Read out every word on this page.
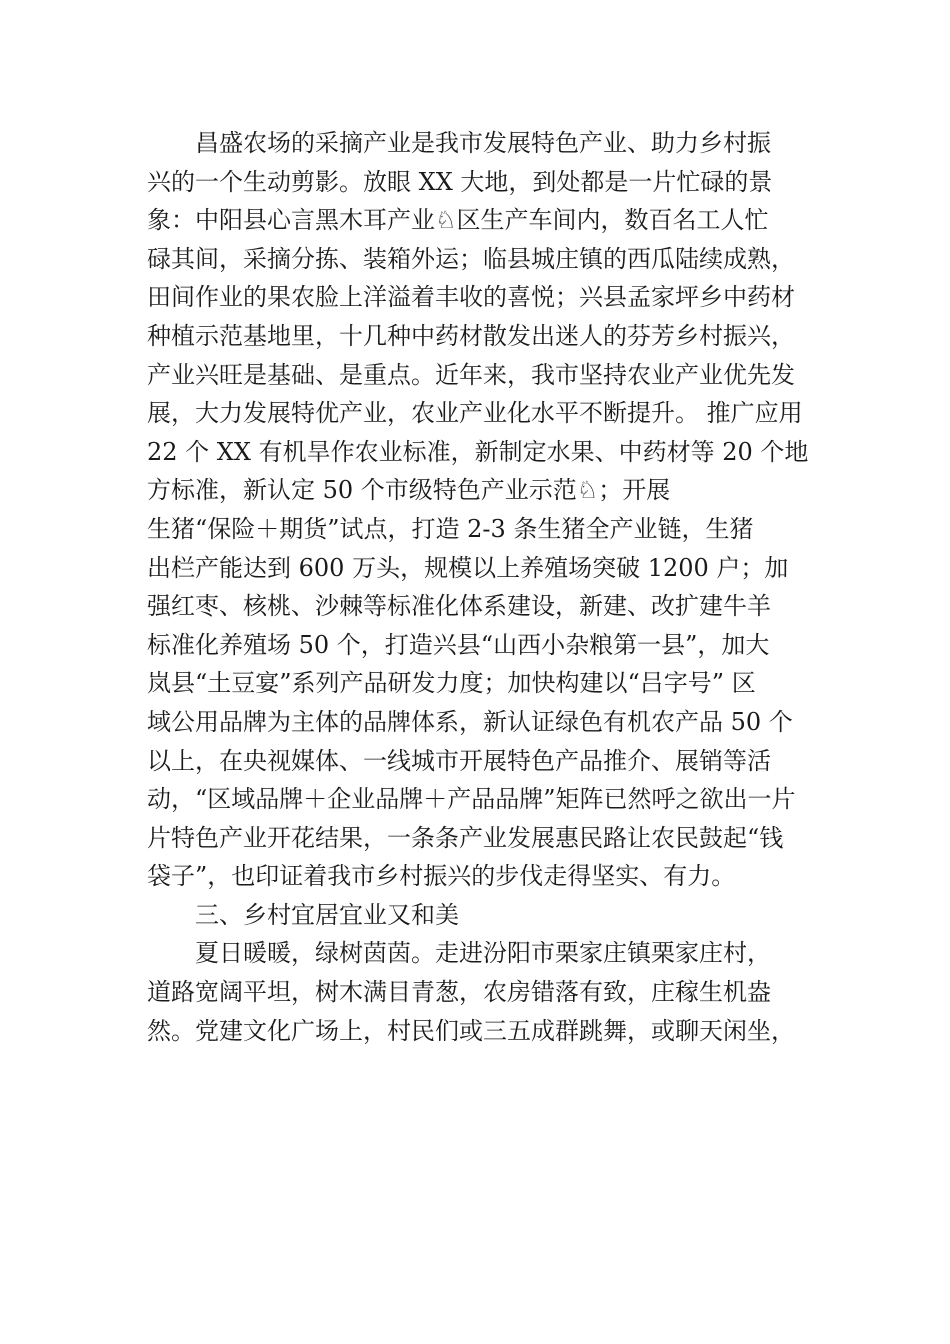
昌盛农场的采摘产业是我市发展特色产业、助力乡村振
兴的一个生动剪影。放眼 XX 大地，到处都是一片忙碌的景
象：中阳县心言黑木耳产业♘区生产车间内，数百名工人忙
碌其间，采摘分拣、装箱外运；临县城庄镇的西瓜陆续成熟，
田间作业的果农脸上洋溢着丰收的喜悦；兴县孟家坪乡中药材
种植示范基地里，十几种中药材散发出迷人的芬芳乡村振兴，
产业兴旺是基础、是重点。近年来，我市坚持农业产业优先发
展，大力发展特优产业，农业产业化水平不断提升。 推广应用
22 个 XX 有机旱作农业标准，新制定水果、中药材等 20 个地
方标准，新认定 50 个市级特色产业示范♘；开展
生猪“保险＋期货”试点，打造 2-3 条生猪全产业链，生猪
出栏产能达到 600 万头，规模以上养殖场突破 1200 户；加
强红枣、核桃、沙棘等标准化体系建设，新建、改扩建牛羊
标准化养殖场 50 个，打造兴县“山西小杂粮第一县”，加大
岚县“土豆宴”系列产品研发力度；加快构建以“吕字号” 区
域公用品牌为主体的品牌体系，新认证绿色有机农产品 50 个
以上，在央视媒体、一线城市开展特色产品推介、展销等活
动，“区域品牌＋企业品牌＋产品品牌”矩阵已然呼之欲出一片
片特色产业开花结果，一条条产业发展惠民路让农民鼓起“钱
袋子”，也印证着我市乡村振兴的步伐走得坚实、有力。
三、乡村宜居宜业又和美
夏日暖暖，绿树茵茵。走进汾阳市栗家庄镇栗家庄村，
道路宽阔平坦，树木满目青葱，农房错落有致，庄稼生机盎
然。党建文化广场上，村民们或三五成群跳舞，或聊天闲坐，
